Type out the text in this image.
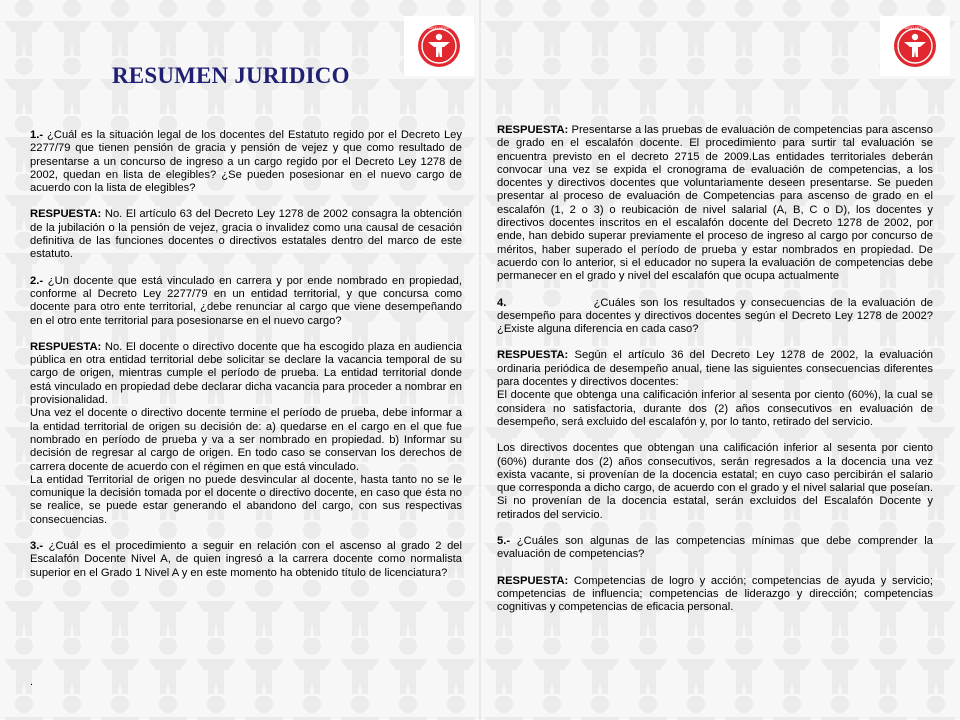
GIMNASIO MODERNO
RESUMEN JURIDICO

1.- ¿Cuál es la situación legal de los docentes del Estatuto regido por el Decreto Ley 2277/79 que tienen pensión de gracia y pensión de vejez y que como resultado de presentarse a un concurso de ingreso a un cargo regido por el Decreto Ley 1278 de 2002, quedan en lista de elegibles? ¿Se pueden posesionar en el nuevo cargo de acuerdo con la lista de elegibles?

RESPUESTA: No. El artículo 63 del Decreto Ley 1278 de 2002 consagra la obtención de la jubilación o la pensión de vejez, gracia o invalidez como una causal de cesación definitiva de las funciones docentes o directivos estatales dentro del marco de este estatuto.

2.- ¿Un docente que está vinculado en carrera y por ende nombrado en propiedad, conforme al Decreto Ley 2277/79 en un entidad territorial, y que concursa como docente para otro ente territorial, ¿debe renunciar al cargo que viene desempeñando en el otro ente territorial para posesionarse en el nuevo cargo?

RESPUESTA: No. El docente o directivo docente que ha escogido plaza en audiencia pública en otra entidad territorial debe solicitar se declare la vacancia temporal de su cargo de origen, mientras cumple el período de prueba. La entidad territorial donde está vinculado en propiedad debe declarar dicha vacancia para proceder a nombrar en provisionalidad.

Una vez el docente o directivo docente termine el período de prueba, debe informar a la entidad territorial de origen su decisión de: a) quedarse en el cargo en el que fue nombrado en período de prueba y va a ser nombrado en propiedad. b) Informar su decisión de regresar al cargo de origen. En todo caso se conservan los derechos de carrera docente de acuerdo con el régimen en que está vinculado.

La entidad Territorial de origen no puede desvincular al docente, hasta tanto no se le comunique la decisión tomada por el docente o directivo docente, en caso que ésta no se realice, se puede estar generando el abandono del cargo, con sus respectivas consecuencias.

3.- ¿Cuál es el procedimiento a seguir en relación con el ascenso al grado 2 del Escalafón Docente Nivel A, de quien ingresó a la carrera docente como normalista superior en el Grado 1 Nivel A y en este momento ha obtenido título de licenciatura?

.
GIMNASIO MODERNO

RESPUESTA: Presentarse a las pruebas de evaluación de competencias para ascenso de grado en el escalafón docente. El procedimiento para surtir tal evaluación se encuentra previsto en el decreto 2715 de 2009.Las entidades territoriales deberán convocar una vez se expida el cronograma de evaluación de competencias, a los docentes y directivos docentes que voluntariamente deseen presentarse. Se pueden presentar al proceso de evaluación de Competencias para ascenso de grado en el escalafón (1, 2 o 3) o reubicación de nivel salarial (A, B, C o D), los docentes y directivos docentes inscritos en el escalafón docente del Decreto 1278 de 2002, por ende, han debido superar previamente el proceso de ingreso al cargo por concurso de méritos, haber superado el período de prueba y estar nombrados en propiedad. De acuerdo con lo anterior, si el educador no supera la evaluación de competencias debe permanecer en el grado y nivel del escalafón que ocupa actualmente

4.	¿Cuáles son los resultados y consecuencias de la evaluación de desempeño para docentes y directivos docentes según el Decreto Ley 1278 de 2002? ¿Existe alguna diferencia en cada caso?

RESPUESTA: Según el artículo 36 del Decreto Ley 1278 de 2002, la evaluación ordinaria periódica de desempeño anual, tiene las siguientes consecuencias diferentes para docentes y directivos docentes:

El docente que obtenga una calificación inferior al sesenta por ciento (60%), la cual se considera no satisfactoria, durante dos (2) años consecutivos en evaluación de desempeño, será excluido del escalafón y, por lo tanto, retirado del servicio.

Los directivos docentes que obtengan una calificación inferior al sesenta por ciento (60%) durante dos (2) años consecutivos, serán regresados a la docencia una vez exista vacante, si provenían de la docencia estatal; en cuyo caso percibirán el salario que corresponda a dicho cargo, de acuerdo con el grado y el nivel salarial que poseían. Si no provenían de la docencia estatal, serán excluidos del Escalafón Docente y retirados del servicio.

5.- ¿Cuáles son algunas de las competencias mínimas que debe comprender la evaluación de competencias?

RESPUESTA: Competencias de logro y acción; competencias de ayuda y servicio; competencias de influencia; competencias de liderazgo y dirección; competencias cognitivas y competencias de eficacia personal.
